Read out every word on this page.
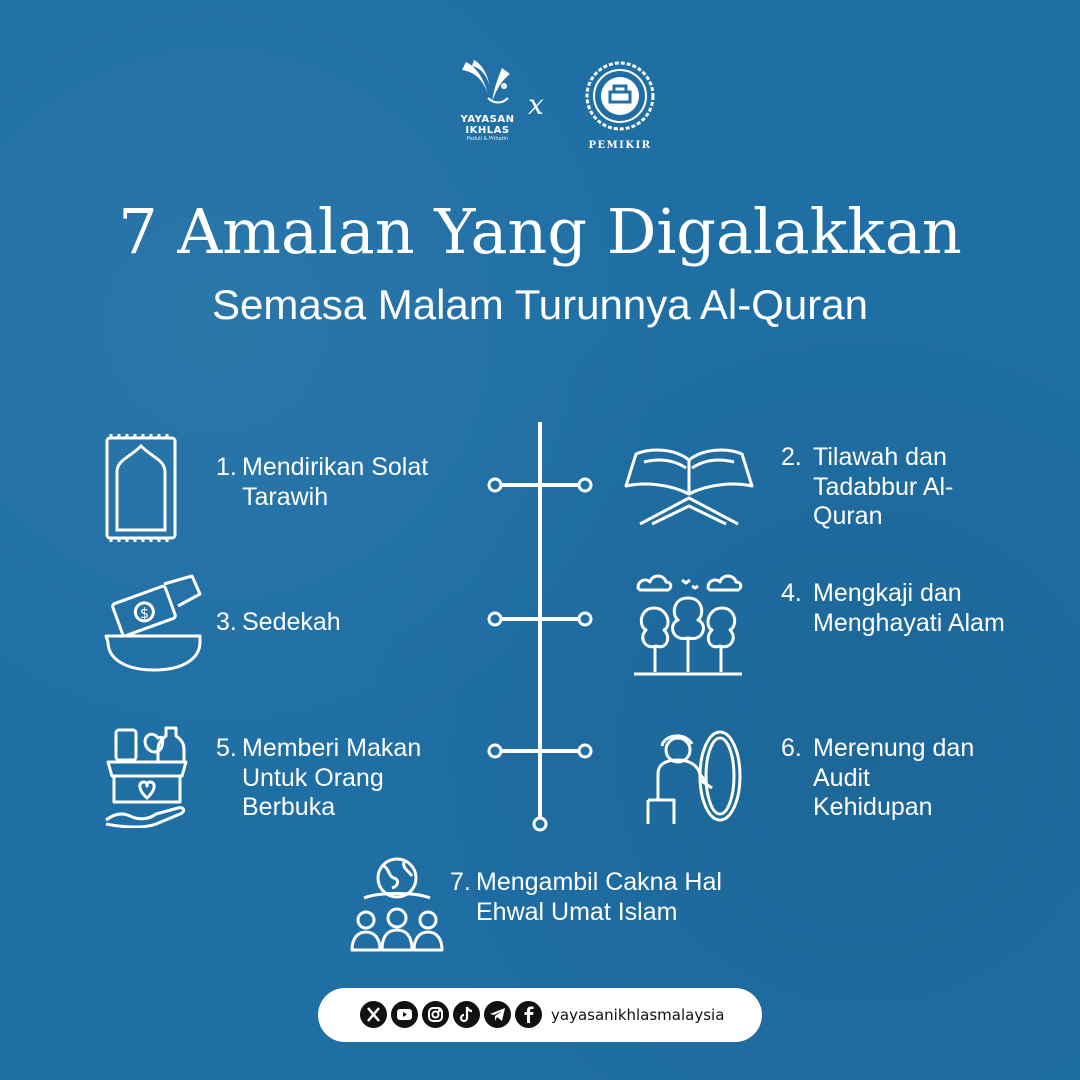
YAYASAN IKHLAS
Peduli & Prihatin
x
PEMIKIR
7 Amalan Yang Digalakkan
Semasa Malam Turunnya Al-Quran
1. Mendirikan Solat Tarawih
2. Tilawah dan Tadabbur Al-Quran
$	3. Sedekah
4. Mengkaji dan Menghayati Alam
5. Memberi Makan Untuk Orang Berbuka
6. Merenung dan Audit Kehidupan
7. Mengambil Cakna Hal Ehwal Umat Islam
yayasanikhlasmalaysia
